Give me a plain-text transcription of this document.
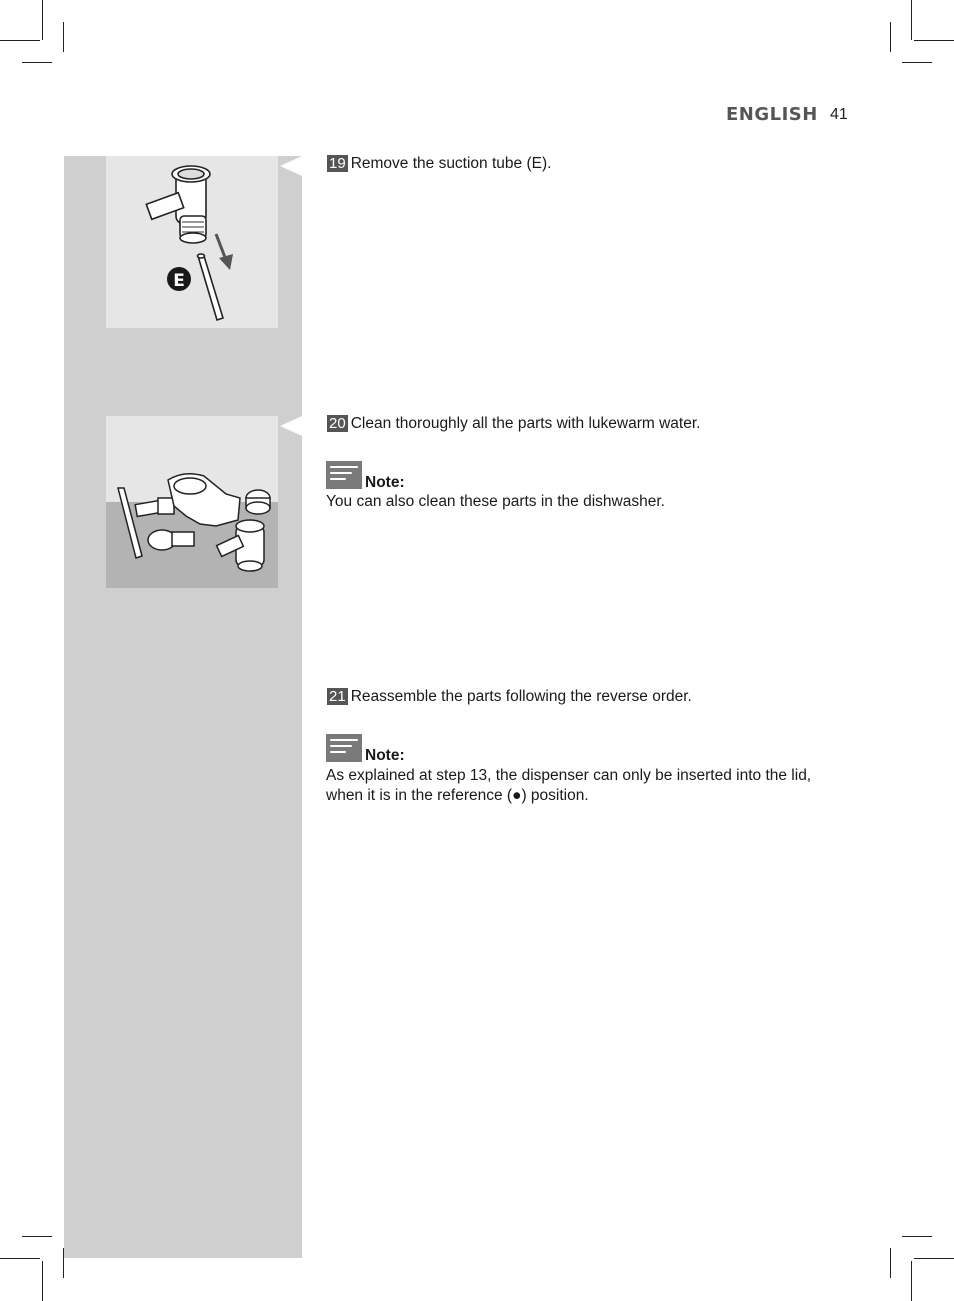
ENGLISH 41
E
19 Remove the suction tube (E).
20 Clean thoroughly all the parts with lukewarm water.
Note:
You can also clean these parts in the dishwasher.
21 Reassemble the parts following the reverse order.
Note:
As explained at step 13, the dispenser can only be inserted into the lid, when it is in the reference (●) position.
